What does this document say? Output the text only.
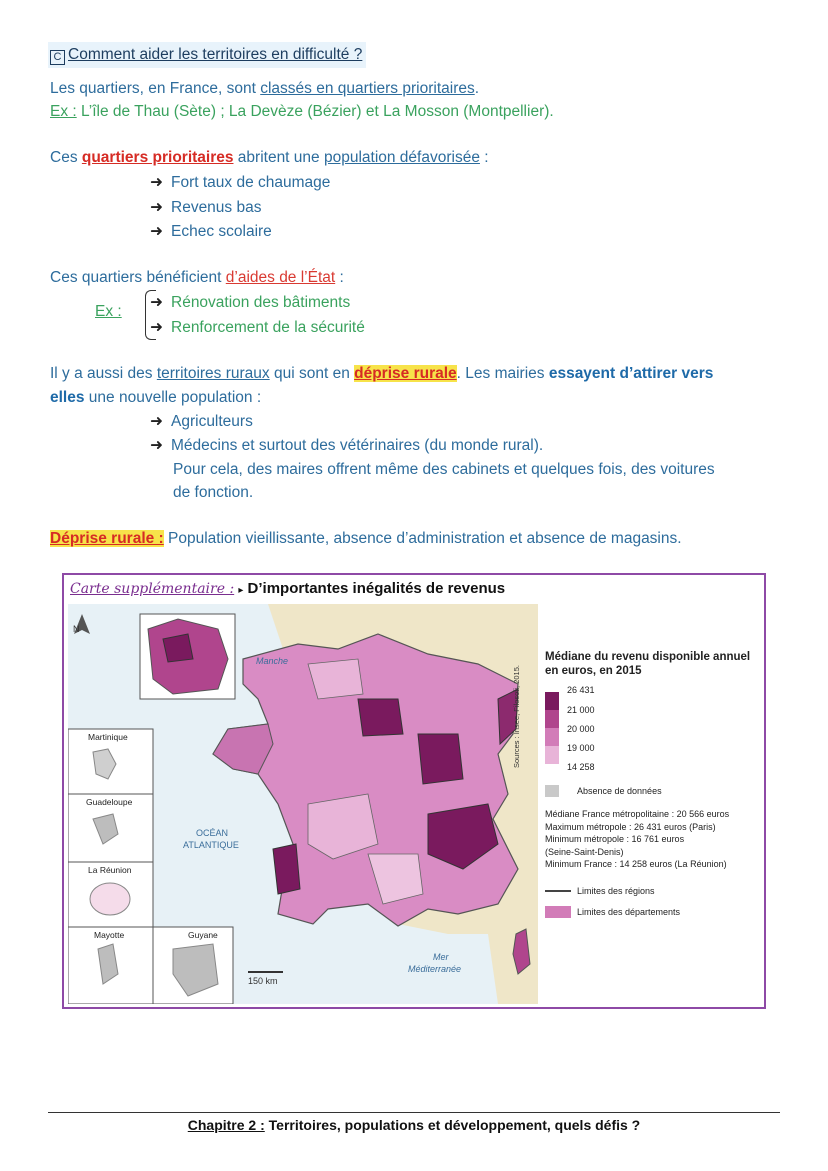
C Comment aider les territoires en difficulté ?
Les quartiers, en France, sont classés en quartiers prioritaires.
Ex : L’île de Thau (Sète) ; La Devèze (Bézier) et La Mosson (Montpellier).
Ces quartiers prioritaires abritent une population défavorisée :
➜ Fort taux de chaumage
➜ Revenus bas
➜ Echec scolaire
Ces quartiers bénéficient d’aides de l’État :
Ex :
➜ Rénovation des bâtiments
➜ Renforcement de la sécurité
Il y a aussi des territoires ruraux qui sont en déprise rurale. Les mairies essayent d’attirer vers
elles une nouvelle population :
➜ Agriculteurs
➜ Médecins et surtout des vétérinaires (du monde rural).
Pour cela, des maires offrent même des cabinets et quelques fois, des voitures
de fonction.
Déprise rurale : Population vieillissante, absence d’administration et absence de magasins.
Carte supplémentaire : ▸ D’importantes inégalités de revenus
N
Manche
OCÉAN
ATLANTIQUE
Mer
Méditerranée
Martinique
Guadeloupe
La Réunion
Mayotte	Guyane
150 km
Sources : Insee, Filosofi, 2015.
Médiane du revenu disponible annuel
en euros, en 2015
26 431
21 000
20 000
19 000
14 258
Absence de données
Médiane France métropolitaine : 20 566 euros
Maximum métropole : 26 431 euros (Paris)
Minimum métropole : 16 761 euros
(Seine-Saint-Denis)
Minimum France : 14 258 euros (La Réunion)
Limites des régions
Limites des départements
Chapitre 2 : Territoires, populations et développement, quels défis ?
